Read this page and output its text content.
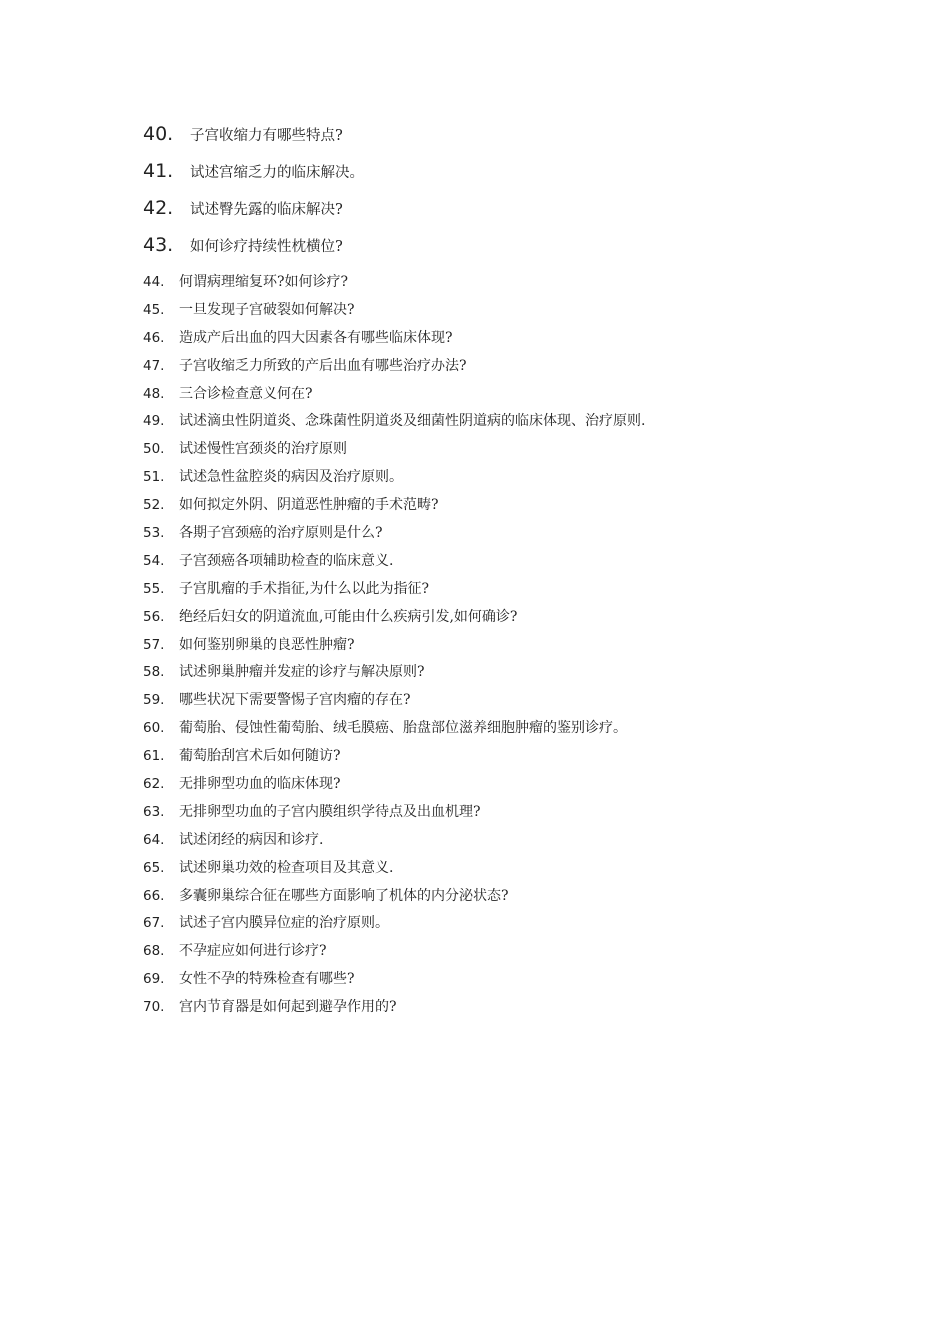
40.	子宫收缩力有哪些特点?
41.	试述宫缩乏力的临床解决。
42.	试述臀先露的临床解决?
43.	如何诊疗持续性枕横位?
44.	何谓病理缩复环?如何诊疗?
45.	一旦发现子宫破裂如何解决?
46.	造成产后出血的四大因素各有哪些临床体现?
47.	子宫收缩乏力所致的产后出血有哪些治疗办法?
48.	三合诊检查意义何在?
49.	试述滴虫性阴道炎、念珠菌性阴道炎及细菌性阴道病的临床体现、治疗原则.
50.	试述慢性宫颈炎的治疗原则
51.	试述急性盆腔炎的病因及治疗原则。
52.	如何拟定外阴、阴道恶性肿瘤的手术范畴?
53.	各期子宫颈癌的治疗原则是什么?
54.	子宫颈癌各项辅助检查的临床意义.
55.	子宫肌瘤的手术指征,为什么以此为指征?
56.	绝经后妇女的阴道流血,可能由什么疾病引发,如何确诊?
57.	如何鉴别卵巢的良恶性肿瘤?
58.	试述卵巢肿瘤并发症的诊疗与解决原则?
59.	哪些状况下需要警惕子宫肉瘤的存在?
60.	葡萄胎、侵蚀性葡萄胎、绒毛膜癌、胎盘部位滋养细胞肿瘤的鉴别诊疗。
61.	葡萄胎刮宫术后如何随访?
62.	无排卵型功血的临床体现?
63.	无排卵型功血的子宫内膜组织学待点及出血机理?
64.	试述闭经的病因和诊疗.
65.	试述卵巢功效的检查项目及其意义.
66.	多囊卵巢综合征在哪些方面影响了机体的内分泌状态?
67.	试述子宫内膜异位症的治疗原则。
68.	不孕症应如何进行诊疗?
69.	女性不孕的特殊检查有哪些?
70.	宫内节育器是如何起到避孕作用的?
